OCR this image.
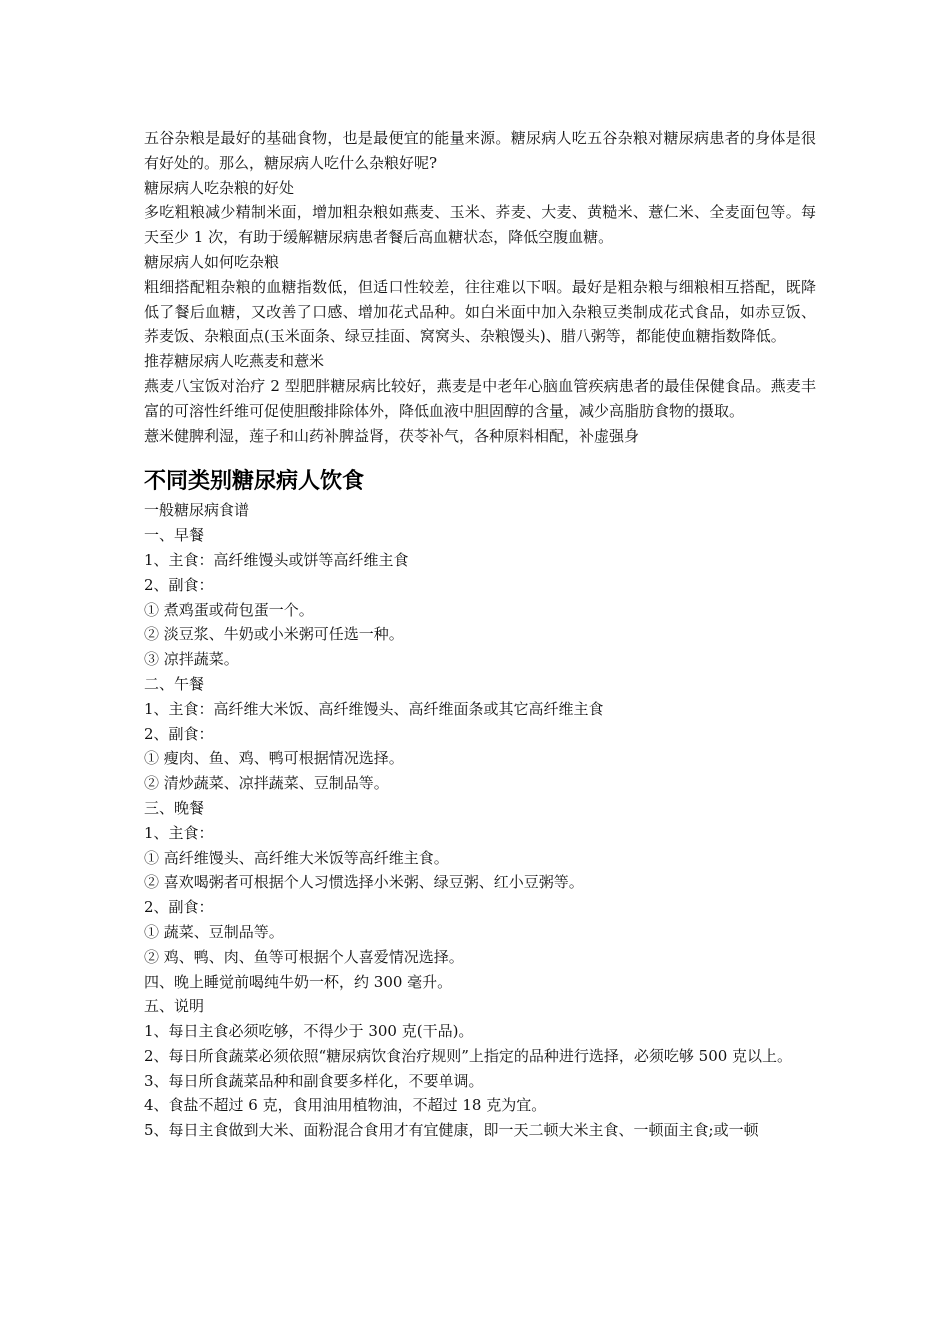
五谷杂粮是最好的基础食物，也是最便宜的能量来源。糖尿病人吃五谷杂粮对糖尿病患者的身体是很有好处的。那么，糖尿病人吃什么杂粮好呢?

糖尿病人吃杂粮的好处

多吃粗粮减少精制米面，增加粗杂粮如燕麦、玉米、荞麦、大麦、黄糙米、薏仁米、全麦面包等。每天至少 1 次，有助于缓解糖尿病患者餐后高血糖状态，降低空腹血糖。

糖尿病人如何吃杂粮

粗细搭配粗杂粮的血糖指数低，但适口性较差，往往难以下咽。最好是粗杂粮与细粮相互搭配，既降低了餐后血糖，又改善了口感、增加花式品种。如白米面中加入杂粮豆类制成花式食品，如赤豆饭、荞麦饭、杂粮面点(玉米面条、绿豆挂面、窝窝头、杂粮馒头)、腊八粥等，都能使血糖指数降低。

推荐糖尿病人吃燕麦和薏米

燕麦八宝饭对治疗 2 型肥胖糖尿病比较好，燕麦是中老年心脑血管疾病患者的最佳保健食品。燕麦丰富的可溶性纤维可促使胆酸排除体外，降低血液中胆固醇的含量，减少高脂肪食物的摄取。

薏米健脾利湿，莲子和山药补脾益肾，茯苓补气，各种原料相配，补虚强身

不同类别糖尿病人饮食

一般糖尿病食谱

一、早餐

1、主食：高纤维馒头或饼等高纤维主食

2、副食：

① 煮鸡蛋或荷包蛋一个。

② 淡豆浆、牛奶或小米粥可任选一种。

③ 凉拌蔬菜。

二、午餐

1、主食：高纤维大米饭、高纤维馒头、高纤维面条或其它高纤维主食

2、副食：

① 瘦肉、鱼、鸡、鸭可根据情况选择。

② 清炒蔬菜、凉拌蔬菜、豆制品等。

三、晚餐

1、主食：

① 高纤维馒头、高纤维大米饭等高纤维主食。

② 喜欢喝粥者可根据个人习惯选择小米粥、绿豆粥、红小豆粥等。

2、副食：

① 蔬菜、豆制品等。

② 鸡、鸭、肉、鱼等可根据个人喜爱情况选择。

四、晚上睡觉前喝纯牛奶一杯，约 300 毫升。

五、说明

1、每日主食必须吃够，不得少于 300 克(干品)。

2、每日所食蔬菜必须依照“糖尿病饮食治疗规则”上指定的品种进行选择，必须吃够 500 克以上。

3、每日所食蔬菜品种和副食要多样化，不要单调。

4、食盐不超过 6 克，食用油用植物油，不超过 18 克为宜。

5、每日主食做到大米、面粉混合食用才有宜健康，即一天二顿大米主食、一顿面主食;或一顿
